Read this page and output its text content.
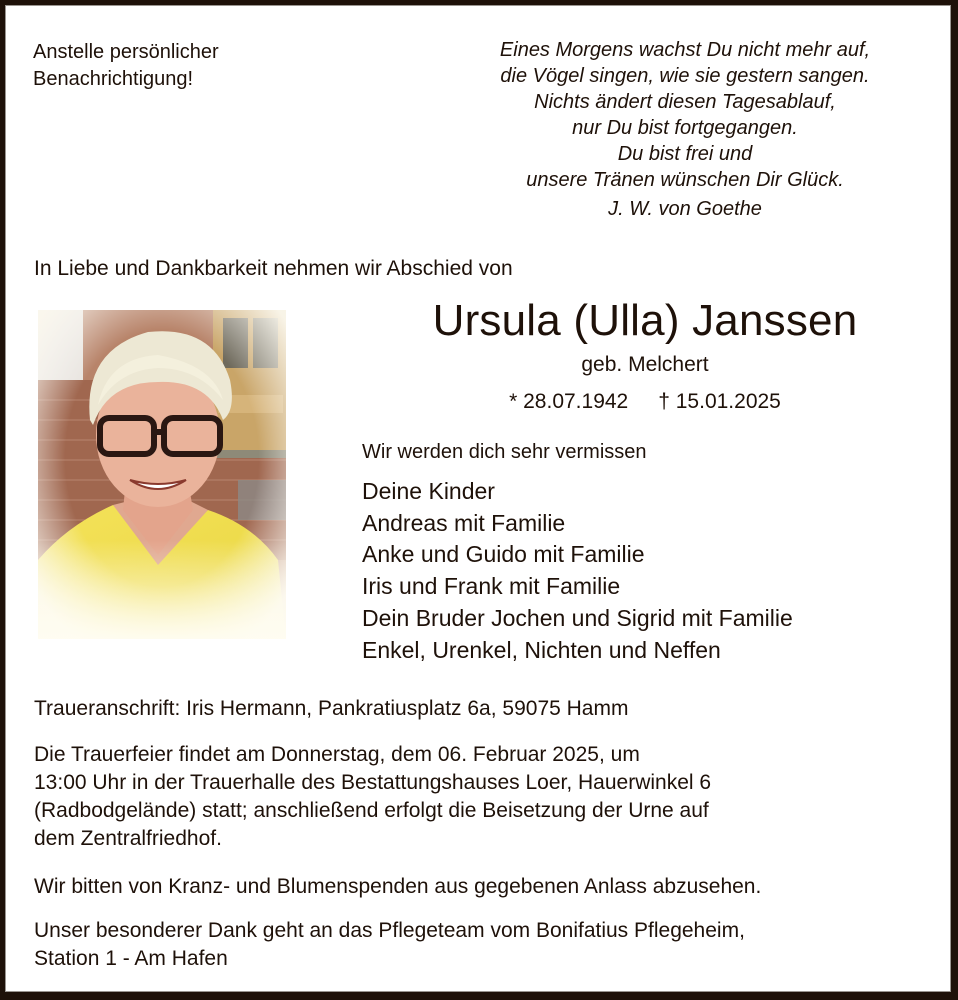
Anstelle persönlicher
Benachrichtigung!
Eines Morgens wachst Du nicht mehr auf,
die Vögel singen, wie sie gestern sangen.
Nichts ändert diesen Tagesablauf,
nur Du bist fortgegangen.
Du bist frei und
unsere Tränen wünschen Dir Glück.
J. W. von Goethe
In Liebe und Dankbarkeit nehmen wir Abschied von
Ursula (Ulla) Janssen
geb. Melchert
* 28.07.1942 † 15.01.2025
Wir werden dich sehr vermissen
Deine Kinder
Andreas mit Familie
Anke und Guido mit Familie
Iris und Frank mit Familie
Dein Bruder Jochen und Sigrid mit Familie
Enkel, Urenkel, Nichten und Neffen
Traueranschrift: Iris Hermann, Pankratiusplatz 6a, 59075 Hamm
Die Trauerfeier findet am Donnerstag, dem 06. Februar 2025, um
13:00 Uhr in der Trauerhalle des Bestattungshauses Loer, Hauerwinkel 6
(Radbodgelände) statt; anschließend erfolgt die Beisetzung der Urne auf
dem Zentralfriedhof.
Wir bitten von Kranz- und Blumenspenden aus gegebenen Anlass abzusehen.
Unser besonderer Dank geht an das Pflegeteam vom Bonifatius Pflegeheim,
Station 1 - Am Hafen
